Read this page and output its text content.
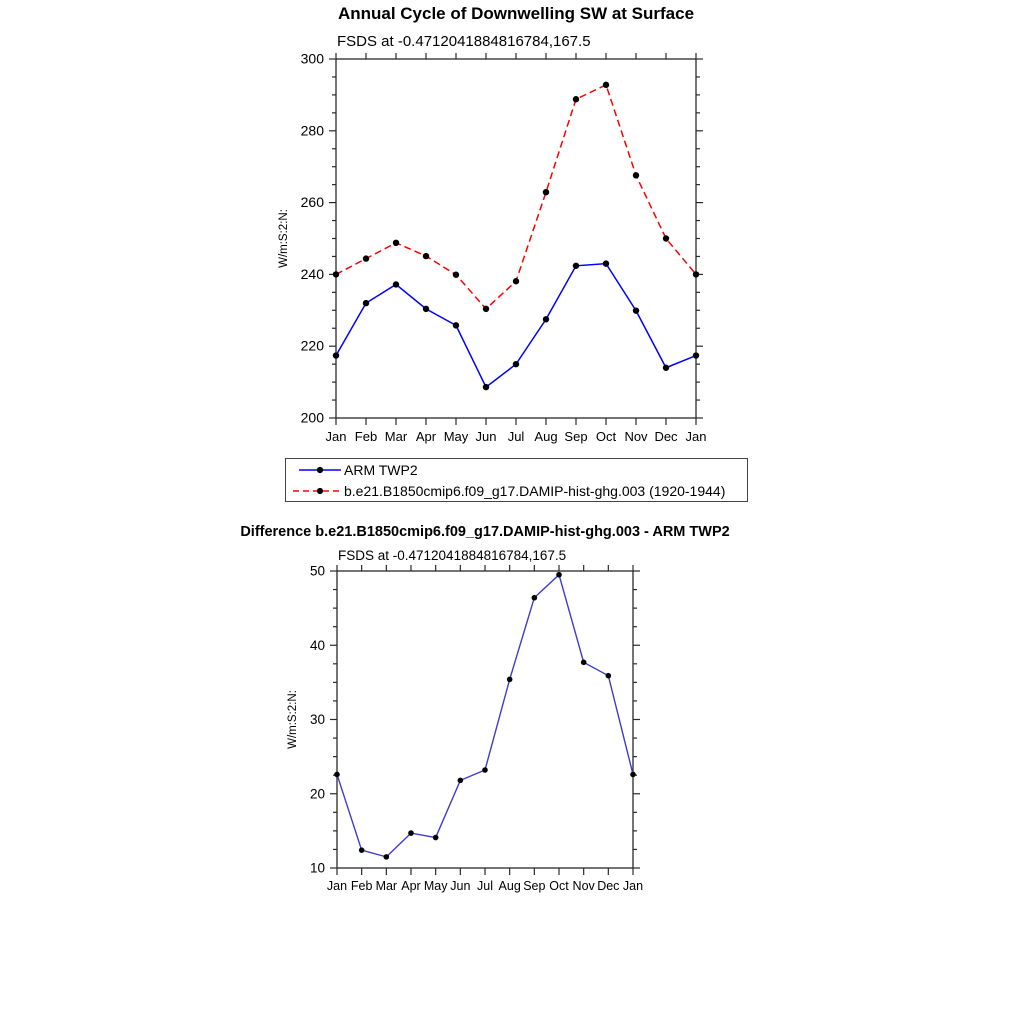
200
220
240
260
280
300
Jan Feb Mar Apr May Jun Jul Aug Sep Oct Nov Dec Jan
W/m:S:2:N:
10
20
30
40
50
Jan Feb Mar Apr May Jun Jul Aug Sep Oct Nov Dec Jan
W/m:S:2:N:
Annual Cycle of Downwelling SW at Surface
FSDS at -0.4712041884816784,167.5
ARM TWP2
b.e21.B1850cmip6.f09_g17.DAMIP-hist-ghg.003 (1920-1944)
Difference b.e21.B1850cmip6.f09_g17.DAMIP-hist-ghg.003 - ARM TWP2
FSDS at -0.4712041884816784,167.5
